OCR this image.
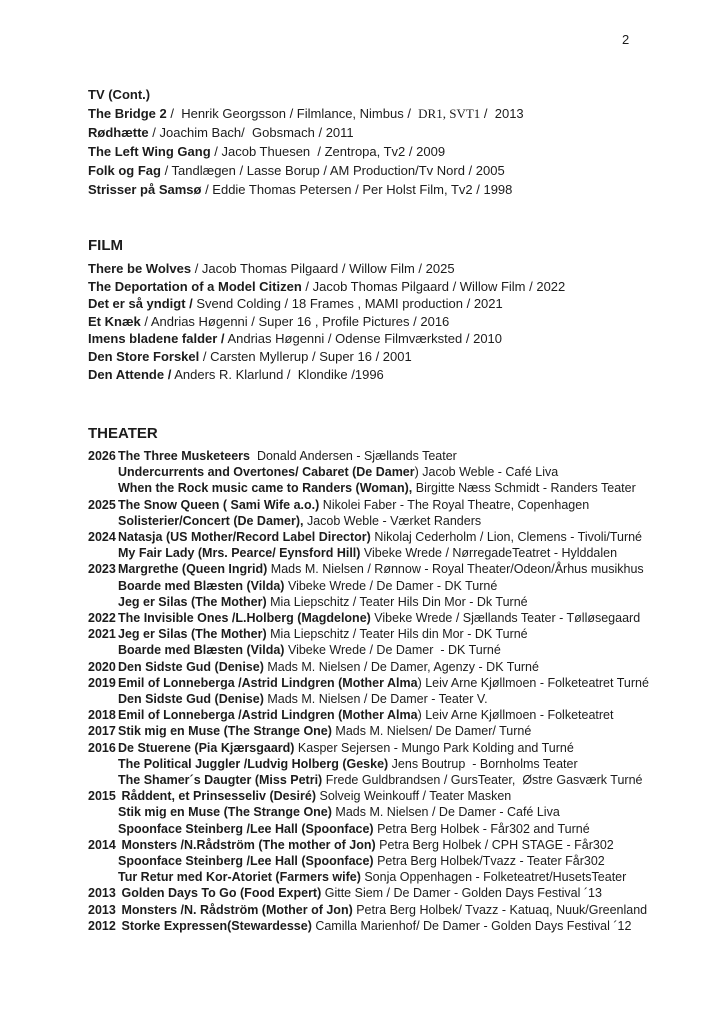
2
TV (Cont.)
The Bridge 2 /  Henrik Georgsson / Filmlance, Nimbus /  DR1, SVT1 /  2013
Rødhætte / Joachim Bach/  Gobsmach / 2011
The Left Wing Gang / Jacob Thuesen  / Zentropa, Tv2 / 2009
Folk og Fag / Tandlægen / Lasse Borup / AM Production/Tv Nord / 2005
Strisser på Samsø / Eddie Thomas Petersen / Per Holst Film, Tv2 / 1998
FILM
There be Wolves / Jacob Thomas Pilgaard / Willow Film / 2025
The Deportation of a Model Citizen / Jacob Thomas Pilgaard / Willow Film / 2022
Det er så yndigt / Svend Colding / 18 Frames , MAMI production / 2021
Et Knæk / Andrias Høgenni / Super 16 , Profile Pictures / 2016
Imens bladene falder / Andrias Høgenni / Odense Filmværksted / 2010
Den Store Forskel / Carsten Myllerup / Super 16 / 2001
Den Attende / Anders R. Klarlund /  Klondike /1996
THEATER
2026 The Three Musketeers  Donald Andersen - Sjællands Teater
Undercurrents and Overtones/ Cabaret (De Damer) Jacob Weble - Café Liva
When the Rock music came to Randers (Woman), Birgitte Næss Schmidt - Randers Teater
2025 The Snow Queen ( Sami Wife a.o.) Nikolei Faber - The Royal Theatre, Copenhagen
Solisterier/Concert (De Damer), Jacob Weble - Værket Randers
2024 Natasja (US Mother/Record Label Director) Nikolaj Cederholm / Lion, Clemens - Tivoli/Turné
My Fair Lady (Mrs. Pearce/ Eynsford Hill) Vibeke Wrede / NørregadeTeatret - Hylddalen
2023 Margrethe (Queen Ingrid) Mads M. Nielsen / Rønnow - Royal Theater/Odeon/Århus musikhus
Boarde med Blæsten (Vilda) Vibeke Wrede / De Damer - DK Turné
Jeg er Silas (The Mother) Mia Liepschitz / Teater Hils Din Mor - Dk Turné
2022 The Invisible Ones /L.Holberg (Magdelone) Vibeke Wrede / Sjællands Teater - Tølløsegaard
2021 Jeg er Silas (The Mother) Mia Liepschitz / Teater Hils din Mor - DK Turné
Boarde med Blæsten (Vilda) Vibeke Wrede / De Damer  - DK Turné
2020 Den Sidste Gud (Denise) Mads M. Nielsen / De Damer, Agenzy - DK Turné
2019 Emil of Lonneberga /Astrid Lindgren (Mother Alma) Leiv Arne Kjøllmoen - Folketeatret Turné
Den Sidste Gud (Denise) Mads M. Nielsen / De Damer - Teater V.
2018 Emil of Lonneberga /Astrid Lindgren (Mother Alma) Leiv Arne Kjøllmoen - Folketeatret
2017 Stik mig en Muse (The Strange One) Mads M. Nielsen/ De Damer/ Turné
2016 De Stuerene (Pia Kjærsgaard) Kasper Sejersen - Mungo Park Kolding and Turné
The Political Juggler /Ludvig Holberg (Geske) Jens Boutrup  - Bornholms Teater
The Shamer´s Daugter (Miss Petri) Frede Guldbrandsen / GursTeater,  Østre Gasværk Turné
2015 Råddent, et Prinsesseliv (Desiré) Solveig Weinkouff / Teater Masken
Stik mig en Muse (The Strange One) Mads M. Nielsen / De Damer - Café Liva
Spoonface Steinberg /Lee Hall (Spoonface) Petra Berg Holbek - Får302 and Turné
2014 Monsters /N.Rådström (The mother of Jon) Petra Berg Holbek / CPH STAGE - Får302
Spoonface Steinberg /Lee Hall (Spoonface) Petra Berg Holbek/Tvazz - Teater Får302
Tur Retur med Kor-Atoriet (Farmers wife) Sonja Oppenhagen - Folketeatret/HusetsTeater
2013 Golden Days To Go (Food Expert) Gitte Siem / De Damer - Golden Days Festival ´13
2013 Monsters /N. Rådström (Mother of Jon) Petra Berg Holbek/ Tvazz - Katuaq, Nuuk/Greenland
2012 Storke Expressen(Stewardesse) Camilla Marienhof/ De Damer - Golden Days Festival ´12
